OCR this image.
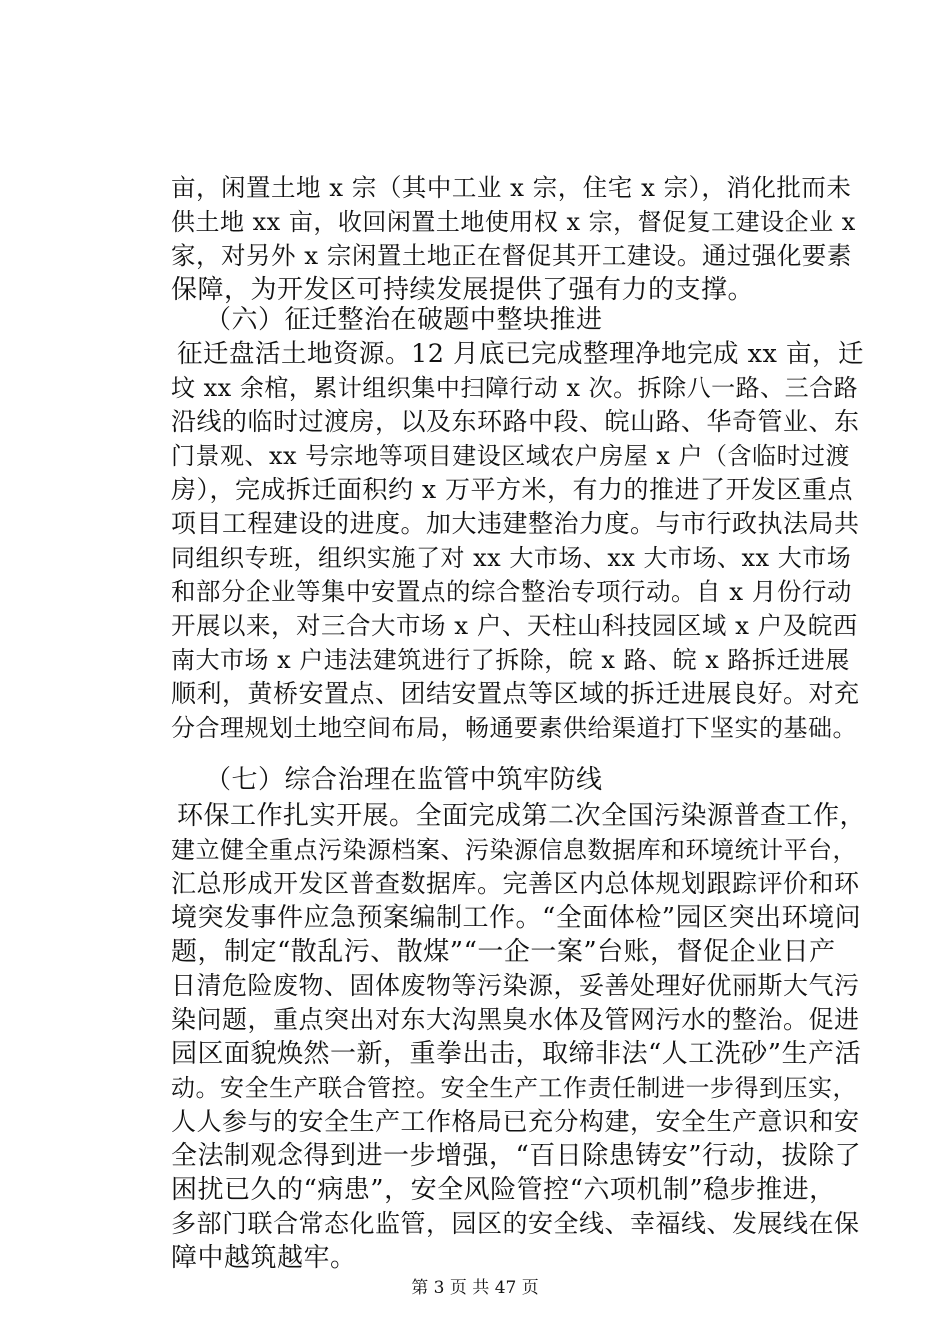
亩，闲置土地 x 宗（其中工业 x 宗，住宅 x 宗），消化批而未
供土地 xx 亩，收回闲置土地使用权 x 宗，督促复工建设企业 x
家，对另外 x 宗闲置土地正在督促其开工建设。通过强化要素
保障，为开发区可持续发展提供了强有力的支撑。
（六）征迁整治在破题中整块推进
征迁盘活土地资源。12 月底已完成整理净地完成 xx 亩，迁
坟 xx 余棺，累计组织集中扫障行动 x 次。拆除八一路、三合路
沿线的临时过渡房，以及东环路中段、皖山路、华奇管业、东
门景观、xx 号宗地等项目建设区域农户房屋 x 户（含临时过渡
房），完成拆迁面积约 x 万平方米，有力的推进了开发区重点
项目工程建设的进度。加大违建整治力度。与市行政执法局共
同组织专班，组织实施了对 xx 大市场、xx 大市场、xx 大市场
和部分企业等集中安置点的综合整治专项行动。自 x 月份行动
开展以来，对三合大市场 x 户、天柱山科技园区域 x 户及皖西
南大市场 x 户违法建筑进行了拆除，皖 x 路、皖 x 路拆迁进展
顺利，黄桥安置点、团结安置点等区域的拆迁进展良好。对充
分合理规划土地空间布局，畅通要素供给渠道打下坚实的基础。
（七）综合治理在监管中筑牢防线
环保工作扎实开展。全面完成第二次全国污染源普查工作，
建立健全重点污染源档案、污染源信息数据库和环境统计平台，
汇总形成开发区普查数据库。完善区内总体规划跟踪评价和环
境突发事件应急预案编制工作。“全面体检”园区突出环境问
题，制定“散乱污、散煤”“一企一案”台账，督促企业日产
日清危险废物、固体废物等污染源，妥善处理好优丽斯大气污
染问题，重点突出对东大沟黑臭水体及管网污水的整治。促进
园区面貌焕然一新，重拳出击，取缔非法“人工洗砂”生产活
动。安全生产联合管控。安全生产工作责任制进一步得到压实，
人人参与的安全生产工作格局已充分构建，安全生产意识和安
全法制观念得到进一步增强，“百日除患铸安”行动，拔除了
困扰已久的“病患”，安全风险管控“六项机制”稳步推进，
多部门联合常态化监管，园区的安全线、幸福线、发展线在保
障中越筑越牢。
第 3 页 共 47 页
